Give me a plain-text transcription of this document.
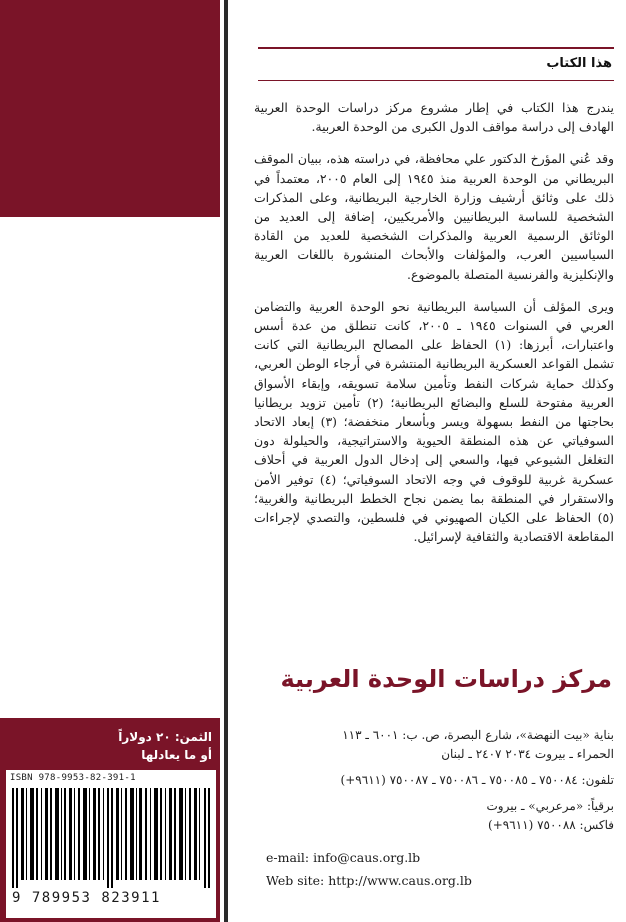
الثمن: ٢٠ دولاراً
أو ما يعادلها
ISBN 978-9953-82-391-1
9 789953 823911
هذا الكتاب

يندرج هذا الكتاب في إطار مشروع مركز دراسات الوحدة العربية الهادف إلى دراسة مواقف الدول الكبرى من الوحدة العربية.

وقد عُني المؤرخ الدكتور علي محافظة، في دراسته هذه، ببيان الموقف البريطاني من الوحدة العربية منذ ١٩٤٥ إلى العام ٢٠٠٥، معتمداً في ذلك على وثائق أرشيف وزارة الخارجية البريطانية، وعلى المذكرات الشخصية للساسة البريطانيين والأمريكيين، إضافة إلى العديد من الوثائق الرسمية العربية والمذكرات الشخصية للعديد من القادة السياسيين العرب، والمؤلفات والأبحاث المنشورة باللغات العربية والإنكليزية والفرنسية المتصلة بالموضوع.

ويرى المؤلف أن السياسة البريطانية نحو الوحدة العربية والتضامن العربي في السنوات ١٩٤٥ ـ ٢٠٠٥، كانت تنطلق من عدة أسس واعتبارات، أبرزها: (١) الحفاظ على المصالح البريطانية التي كانت تشمل القواعد العسكرية البريطانية المنتشرة في أرجاء الوطن العربي، وكذلك حماية شركات النفط وتأمين سلامة تسويقه، وإبقاء الأسواق العربية مفتوحة للسلع والبضائع البريطانية؛ (٢) تأمين تزويد بريطانيا بحاجتها من النفط بسهولة ويسر وبأسعار منخفضة؛ (٣) إبعاد الاتحاد السوفياتي عن هذه المنطقة الحيوية والاستراتيجية، والحيلولة دون التغلغل الشيوعي فيها، والسعي إلى إدخال الدول العربية في أحلاف عسكرية غربية للوقوف في وجه الاتحاد السوفياتي؛ (٤) توفير الأمن والاستقرار في المنطقة بما يضمن نجاح الخطط البريطانية والغربية؛ (٥) الحفاظ على الكيان الصهيوني في فلسطين، والتصدي لإجراءات المقاطعة الاقتصادية والثقافية لإسرائيل.

مركز دراسات الوحدة العربية
بناية «بيت النهضة»، شارع البصرة، ص. ب: ٦٠٠١ ـ ١١٣
الحمراء ـ بيروت ٢٠٣٤ ٢٤٠٧ ـ لبنان
تلفون: ٧٥٠٠٨٤ ـ ٧٥٠٠٨٥ ـ ٧٥٠٠٨٦ ـ ٧٥٠٠٨٧ (٩٦١١+)
برقياً: «مرعربي» ـ بيروت
فاكس: ٧٥٠٠٨٨ (٩٦١١+)
e-mail: info@caus.org.lb
Web site: http://www.caus.org.lb
